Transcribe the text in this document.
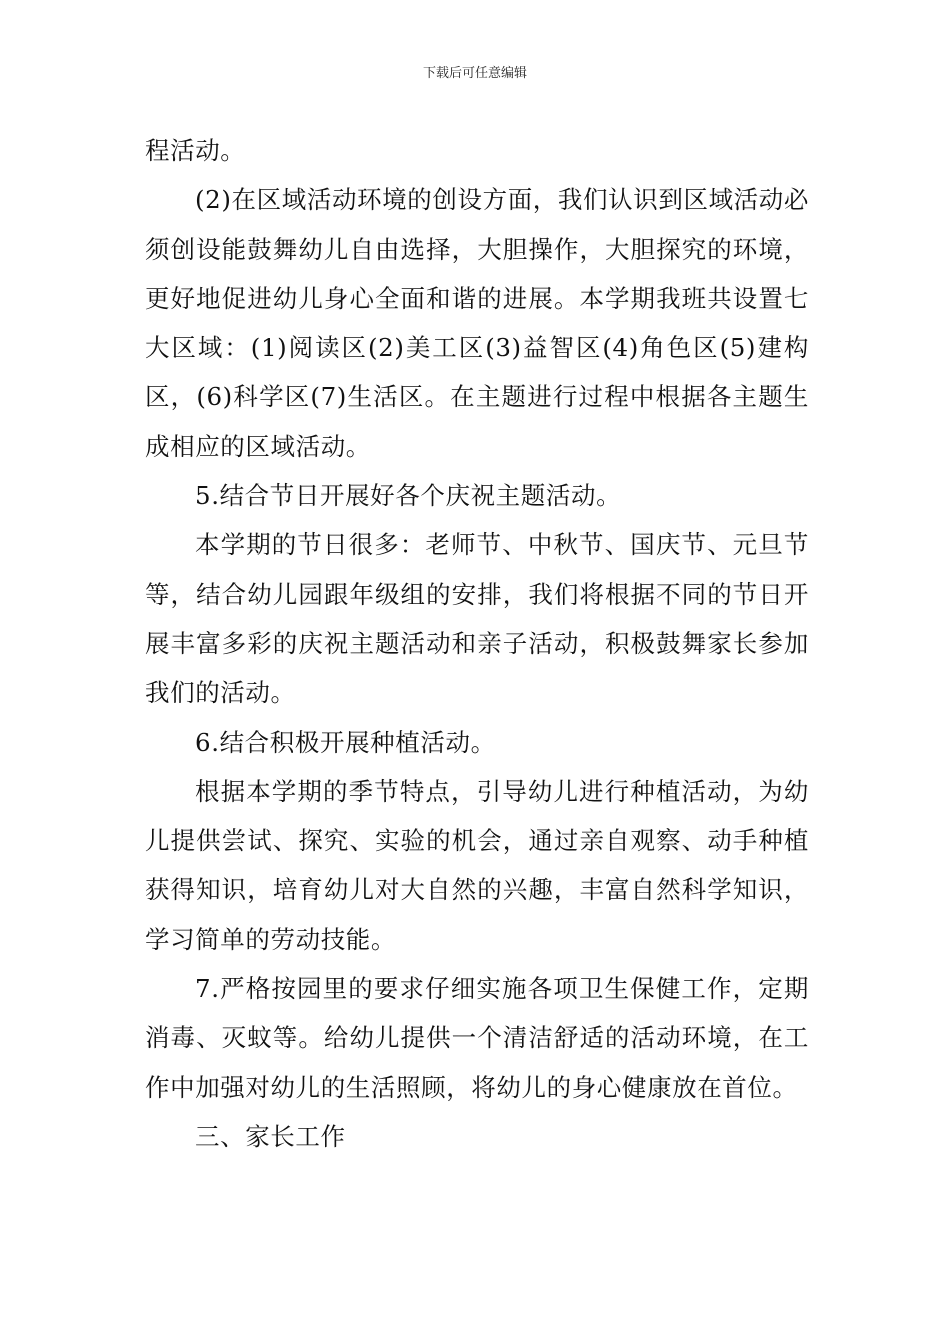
下载后可任意编辑

程活动。

(2)在区域活动环境的创设方面，我们认识到区域活动必须创设能鼓舞幼儿自由选择，大胆操作，大胆探究的环境，更好地促进幼儿身心全面和谐的进展。本学期我班共设置七大区域：(1)阅读区(2)美工区(3)益智区(4)角色区(5)建构区，(6)科学区(7)生活区。在主题进行过程中根据各主题生成相应的区域活动。

5.结合节日开展好各个庆祝主题活动。

本学期的节日很多：老师节、中秋节、国庆节、元旦节等，结合幼儿园跟年级组的安排，我们将根据不同的节日开展丰富多彩的庆祝主题活动和亲子活动，积极鼓舞家长参加我们的活动。

6.结合积极开展种植活动。

根据本学期的季节特点，引导幼儿进行种植活动，为幼儿提供尝试、探究、实验的机会，通过亲自观察、动手种植获得知识，培育幼儿对大自然的兴趣，丰富自然科学知识，学习简单的劳动技能。

7.严格按园里的要求仔细实施各项卫生保健工作，定期消毒、灭蚊等。给幼儿提供一个清洁舒适的活动环境，在工作中加强对幼儿的生活照顾，将幼儿的身心健康放在首位。

三、家长工作
